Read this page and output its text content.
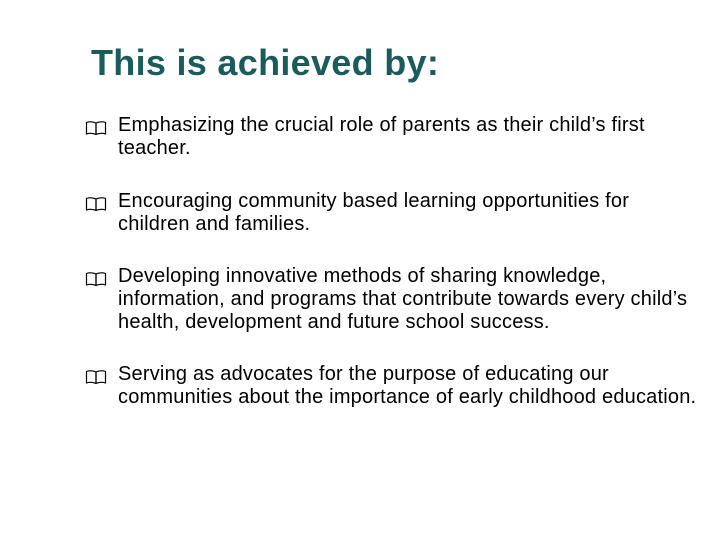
This is achieved by:
Emphasizing the crucial role of parents as their child’s first teacher.
Encouraging community based learning opportunities for children and families.
Developing innovative methods of sharing knowledge, information, and programs that contribute towards every child’s health, development and future school success.
Serving as advocates for the purpose of educating our communities about the importance of early childhood education.
